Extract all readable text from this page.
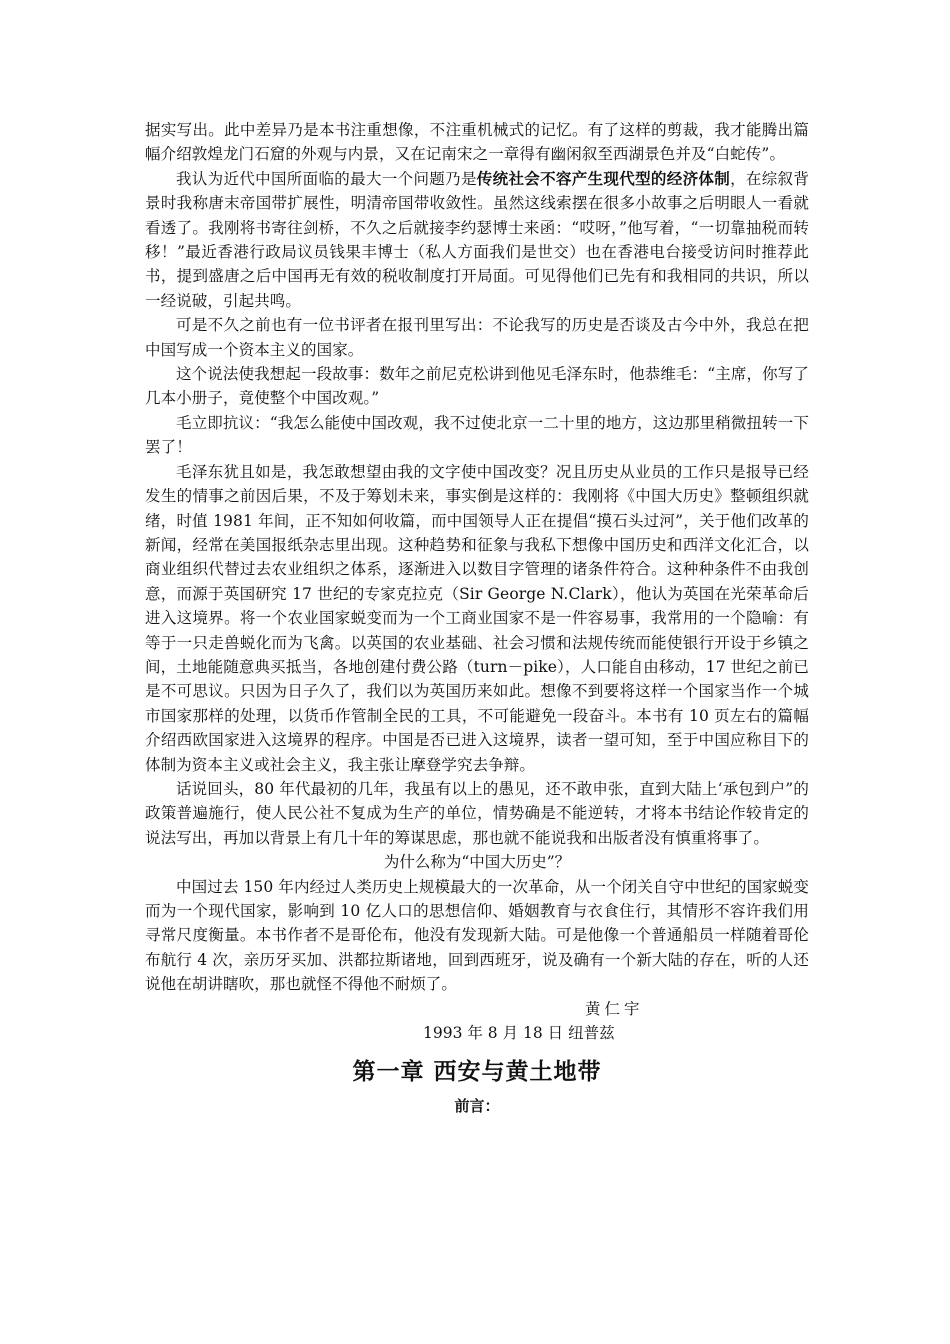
据实写出。此中差异乃是本书注重想像，不注重机械式的记忆。有了这样的剪裁，我才能腾出篇幅介绍敦煌龙门石窟的外观与内景，又在记南宋之一章得有幽闲叙至西湖景色并及“白蛇传”。

我认为近代中国所面临的最大一个问题乃是传统社会不容产生现代型的经济体制，在综叙背景时我称唐末帝国带扩展性，明清帝国带收敛性。虽然这线索摆在很多小故事之后明眼人一看就看透了。我刚将书寄往剑桥，不久之后就接李约瑟博士来函：“哎呀，”他写着，“一切靠抽税而转移！”最近香港行政局议员钱果丰博士（私人方面我们是世交）也在香港电台接受访问时推荐此书，提到盛唐之后中国再无有效的税收制度打开局面。可见得他们已先有和我相同的共识，所以一经说破，引起共鸣。

可是不久之前也有一位书评者在报刊里写出：不论我写的历史是否谈及古今中外，我总在把中国写成一个资本主义的国家。

这个说法使我想起一段故事：数年之前尼克松讲到他见毛泽东时，他恭维毛：“主席，你写了几本小册子，竟使整个中国改观。”

毛立即抗议：“我怎么能使中国改观，我不过使北京一二十里的地方，这边那里稍微扭转一下罢了！

毛泽东犹且如是，我怎敢想望由我的文字使中国改变？况且历史从业员的工作只是报导已经发生的情事之前因后果，不及于筹划未来，事实倒是这样的：我刚将《中国大历史》整顿组织就绪，时值 1981 年间，正不知如何收篇，而中国领导人正在提倡“摸石头过河”，关于他们改革的新闻，经常在美国报纸杂志里出现。这种趋势和征象与我私下想像中国历史和西洋文化汇合，以商业组织代替过去农业组织之体系，逐渐进入以数目字管理的诸条件符合。这种种条件不由我创意，而源于英国研究 17 世纪的专家克拉克（Sir George N.Clark），他认为英国在光荣革命后进入这境界。将一个农业国家蜕变而为一个工商业国家不是一件容易事，我常用的一个隐喻：有等于一只走兽蜕化而为飞禽。以英国的农业基础、社会习惯和法规传统而能使银行开设于乡镇之间，土地能随意典买抵当，各地创建付费公路（turn－pike），人口能自由移动，17 世纪之前已是不可思议。只因为日子久了，我们以为英国历来如此。想像不到要将这样一个国家当作一个城市国家那样的处理，以货币作管制全民的工具，不可能避免一段奋斗。本书有 10 页左右的篇幅介绍西欧国家进入这境界的程序。中国是否已进入这境界，读者一望可知，至于中国应称目下的体制为资本主义或社会主义，我主张让摩登学究去争辩。

话说回头，80 年代最初的几年，我虽有以上的愚见，还不敢申张，直到大陆上‘承包到户”的政策普遍施行，使人民公社不复成为生产的单位，情势确是不能逆转，才将本书结论作较肯定的说法写出，再加以背景上有几十年的筹谋思虑，那也就不能说我和出版者没有慎重将事了。

为什么称为“中国大历史”？

中国过去 150 年内经过人类历史上规模最大的一次革命，从一个闭关自守中世纪的国家蜕变而为一个现代国家，影响到 10 亿人口的思想信仰、婚姻教育与衣食住行，其情形不容许我们用寻常尺度衡量。本书作者不是哥伦布，他没有发现新大陆。可是他像一个普通船员一样随着哥伦布航行 4 次，亲历牙买加、洪都拉斯诸地，回到西班牙，说及确有一个新大陆的存在，听的人还说他在胡讲瞎吹，那也就怪不得他不耐烦了。

黄仁宇

1993 年 8 月 18 日 纽普兹

第一章 西安与黄土地带

前言：
